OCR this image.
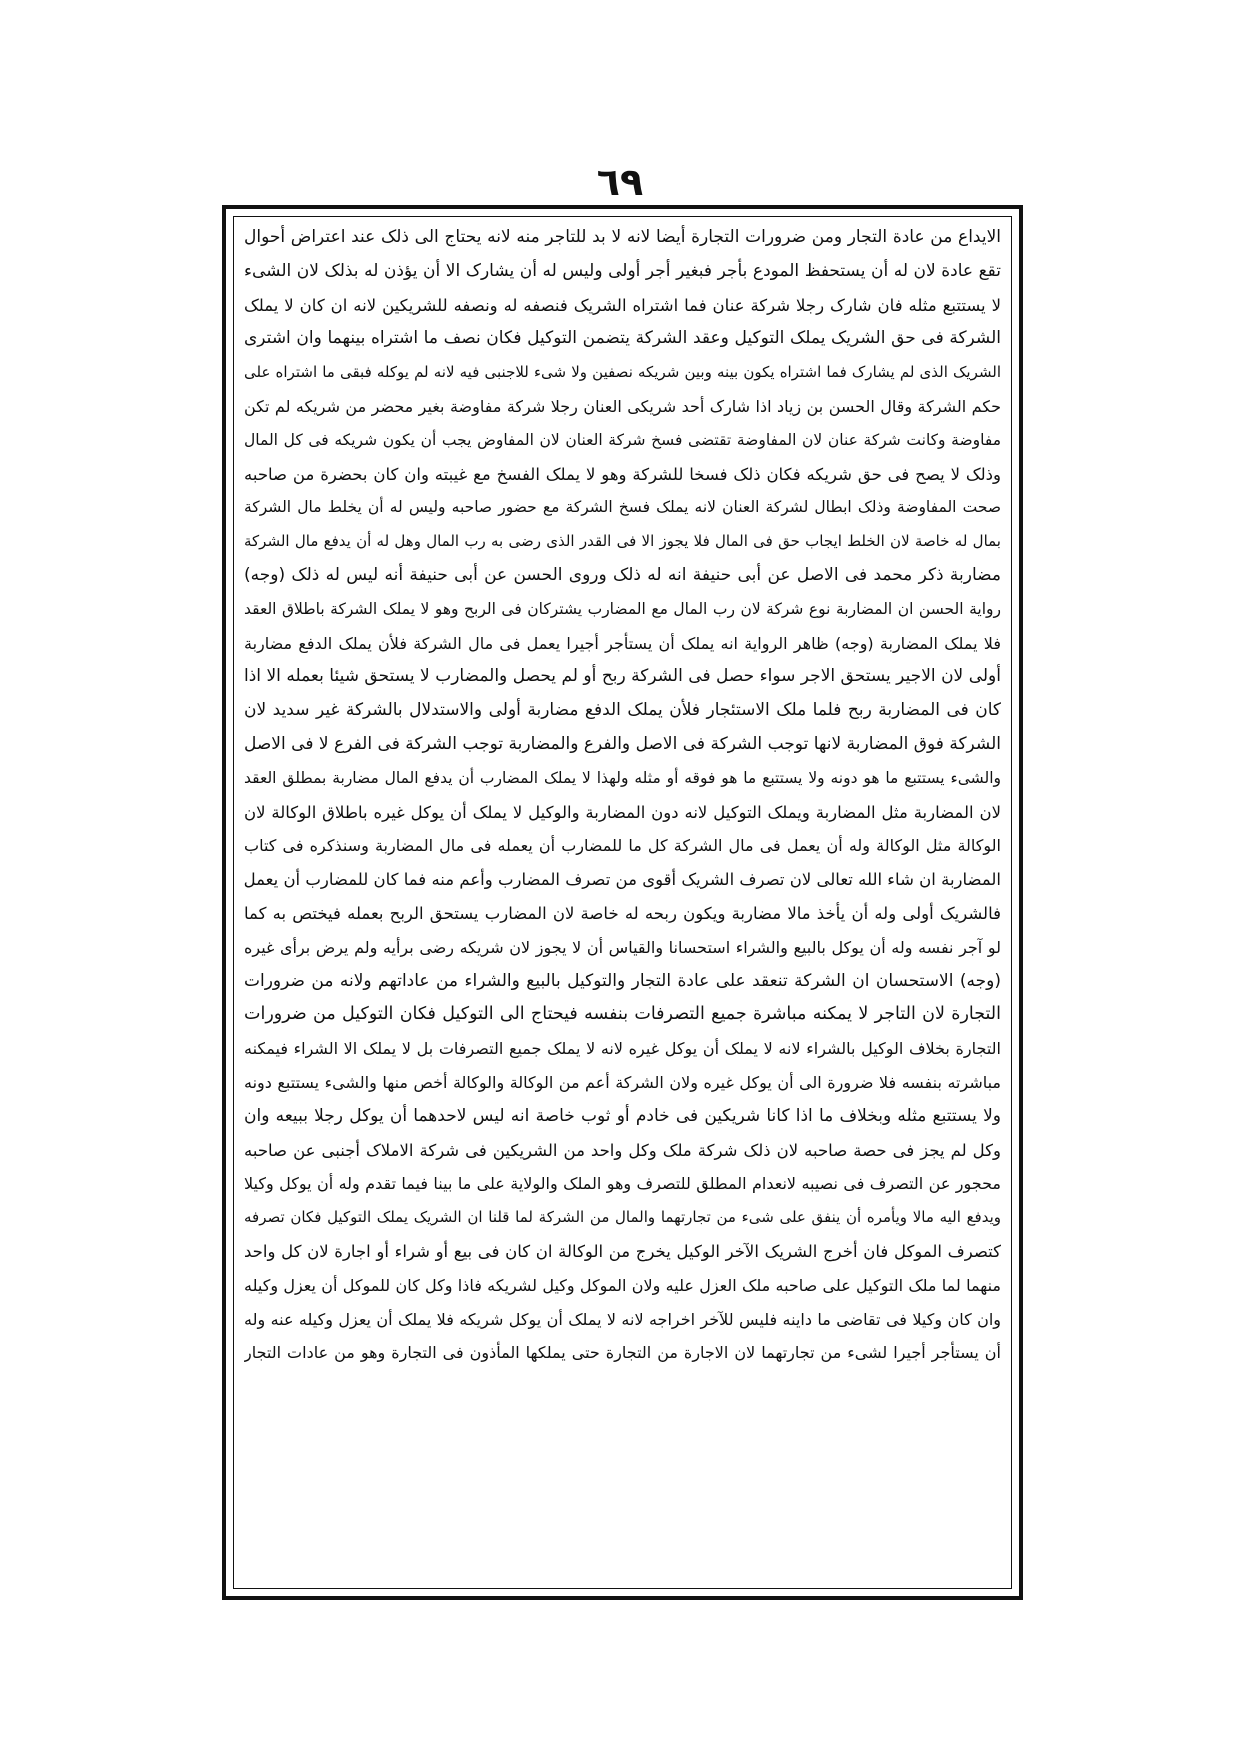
٦٩
الایداع من عادة التجار ومن ضرورات التجارة أیضا لانه لا بد للتاجر منه لانه یحتاج الی ذلک عند اعتراض أحوال
تقع عادة لان له أن یستحفظ المودع بأجر فبغیر أجر أولی ولیس له أن یشارک الا أن یؤذن له بذلک لان الشیء
لا یستتبع مثله فان شارک رجلا شرکة عنان فما اشتراه الشریک فنصفه له ونصفه للشریکین لانه ان کان لا یملک
الشرکة فی حق الشریک یملک التوکیل وعقد الشرکة یتضمن التوکیل فکان نصف ما اشتراه بینهما وان اشتری
الشریک الذی لم یشارک فما اشتراه یکون بینه وبین شریکه نصفین ولا شیء للاجنبی فیه لانه لم یوکله فبقی ما اشتراه علی
حکم الشرکة وقال الحسن بن زیاد اذا شارک أحد شریکی العنان رجلا شرکة مفاوضة بغیر محضر من شریکه لم تکن
مفاوضة وکانت شرکة عنان لان المفاوضة تقتضی فسخ شرکة العنان لان المفاوض یجب أن یکون شریکه فی کل المال
وذلک لا یصح فی حق شریکه فکان ذلک فسخا للشرکة وهو لا یملک الفسخ مع غیبته وان کان بحضرة من صاحبه
صحت المفاوضة وذلک ابطال لشرکة العنان لانه یملک فسخ الشرکة مع حضور صاحبه ولیس له أن یخلط مال الشرکة
بمال له خاصة لان الخلط ایجاب حق فی المال فلا یجوز الا فی القدر الذی رضی به رب المال وهل له أن یدفع مال الشرکة
مضاربة ذکر محمد فی الاصل عن أبی حنیفة انه له ذلک وروی الحسن عن أبی حنیفة أنه لیس له ذلک (وجه)
روایة الحسن ان المضاربة نوع شرکة لان رب المال مع المضارب یشترکان فی الربح وهو لا یملک الشرکة باطلاق العقد
فلا یملک المضاربة (وجه) ظاهر الروایة انه یملک أن یستأجر أجیرا یعمل فی مال الشرکة فلأن یملک الدفع مضاربة
أولی لان الاجیر یستحق الاجر سواء حصل فی الشرکة ربح أو لم یحصل والمضارب لا یستحق شیئا بعمله الا اذا
کان فی المضاربة ربح فلما ملک الاستئجار فلأن یملک الدفع مضاربة أولی والاستدلال بالشرکة غیر سدید لان
الشرکة فوق المضاربة لانها توجب الشرکة فی الاصل والفرع والمضاربة توجب الشرکة فی الفرع لا فی الاصل
والشیء یستتبع ما هو دونه ولا یستتبع ما هو فوقه أو مثله ولهذا لا یملک المضارب أن یدفع المال مضاربة بمطلق العقد
لان المضاربة مثل المضاربة ویملک التوکیل لانه دون المضاربة والوکیل لا یملک أن یوکل غیره باطلاق الوکالة لان
الوکالة مثل الوکالة وله أن یعمل فی مال الشرکة کل ما للمضارب أن یعمله فی مال المضاربة وسنذکره فی کتاب
المضاربة ان شاء الله تعالی لان تصرف الشریک أقوی من تصرف المضارب وأعم منه فما کان للمضارب أن یعمل
فالشریک أولی وله أن یأخذ مالا مضاربة ویکون ربحه له خاصة لان المضارب یستحق الربح بعمله فیختص به کما
لو آجر نفسه وله أن یوکل بالبیع والشراء استحسانا والقیاس أن لا یجوز لان شریکه رضی برأیه ولم یرض برأی غیره
(وجه) الاستحسان ان الشرکة تنعقد علی عادة التجار والتوکیل بالبیع والشراء من عاداتهم ولانه من ضرورات
التجارة لان التاجر لا یمکنه مباشرة جمیع التصرفات بنفسه فیحتاج الی التوکیل فکان التوکیل من ضرورات
التجارة بخلاف الوکیل بالشراء لانه لا یملک أن یوکل غیره لانه لا یملک جمیع التصرفات بل لا یملک الا الشراء فیمکنه
مباشرته بنفسه فلا ضرورة الی أن یوکل غیره ولان الشرکة أعم من الوکالة والوکالة أخص منها والشیء یستتبع دونه
ولا یستتبع مثله وبخلاف ما اذا کانا شریکین فی خادم أو ثوب خاصة انه لیس لاحدهما أن یوکل رجلا ببیعه وان
وکل لم یجز فی حصة صاحبه لان ذلک شرکة ملک وکل واحد من الشریکین فی شرکة الاملاک أجنبی عن صاحبه
محجور عن التصرف فی نصیبه لانعدام المطلق للتصرف وهو الملک والولایة علی ما بینا فیما تقدم وله أن یوکل وکیلا
ویدفع الیه مالا ویأمره أن ینفق علی شیء من تجارتهما والمال من الشرکة لما قلنا ان الشریک یملک التوکیل فکان تصرفه
کتصرف الموکل فان أخرج الشریک الآخر الوکیل یخرج من الوکالة ان کان فی بیع أو شراء أو اجارة لان کل واحد
منهما لما ملک التوکیل علی صاحبه ملک العزل علیه ولان الموکل وکیل لشریکه فاذا وکل کان للموکل أن یعزل وکیله
وان کان وکیلا فی تقاضی ما داینه فلیس للآخر اخراجه لانه لا یملک أن یوکل شریکه فلا یملک أن یعزل وکیله عنه وله
أن یستأجر أجیرا لشیء من تجارتهما لان الاجارة من التجارة حتی یملکها المأذون فی التجارة وهو من عادات التجار
